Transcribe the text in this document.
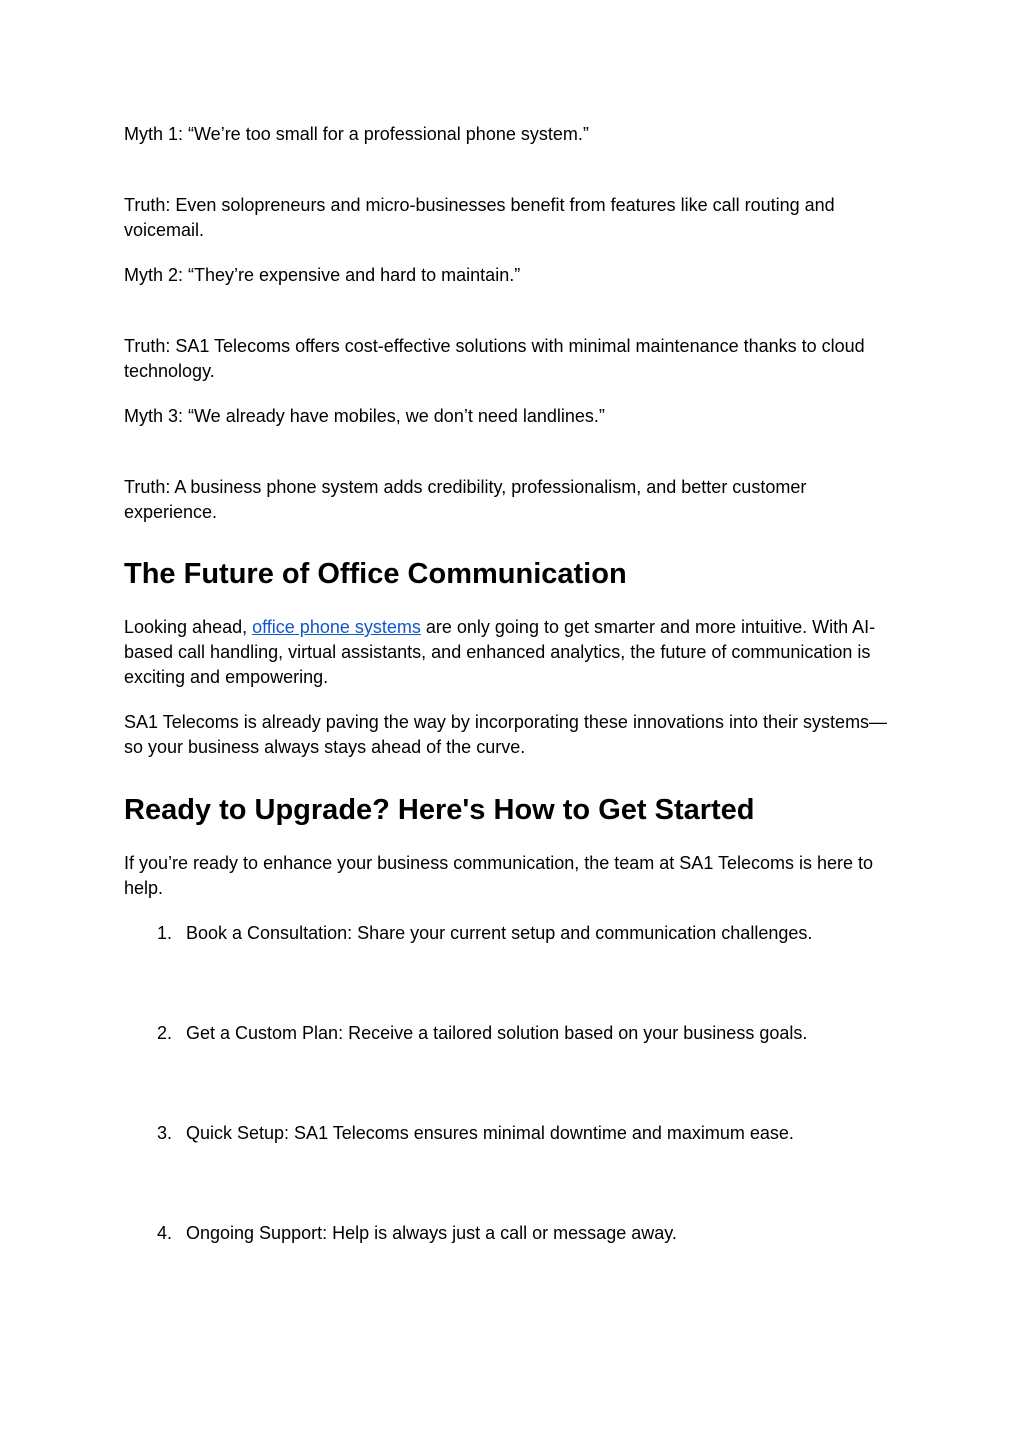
Myth 1: “We’re too small for a professional phone system.”

Truth: Even solopreneurs and micro-businesses benefit from features like call routing and voicemail.

Myth 2: “They’re expensive and hard to maintain.”

Truth: SA1 Telecoms offers cost-effective solutions with minimal maintenance thanks to cloud technology.

Myth 3: “We already have mobiles, we don’t need landlines.”

Truth: A business phone system adds credibility, professionalism, and better customer experience.

The Future of Office Communication

Looking ahead, office phone systems are only going to get smarter and more intuitive. With AI-based call handling, virtual assistants, and enhanced analytics, the future of communication is exciting and empowering.

SA1 Telecoms is already paving the way by incorporating these innovations into their systems—so your business always stays ahead of the curve.

Ready to Upgrade? Here's How to Get Started

If you’re ready to enhance your business communication, the team at SA1 Telecoms is here to help.

1. Book a Consultation: Share your current setup and communication challenges.
2. Get a Custom Plan: Receive a tailored solution based on your business goals.
3. Quick Setup: SA1 Telecoms ensures minimal downtime and maximum ease.
4. Ongoing Support: Help is always just a call or message away.
